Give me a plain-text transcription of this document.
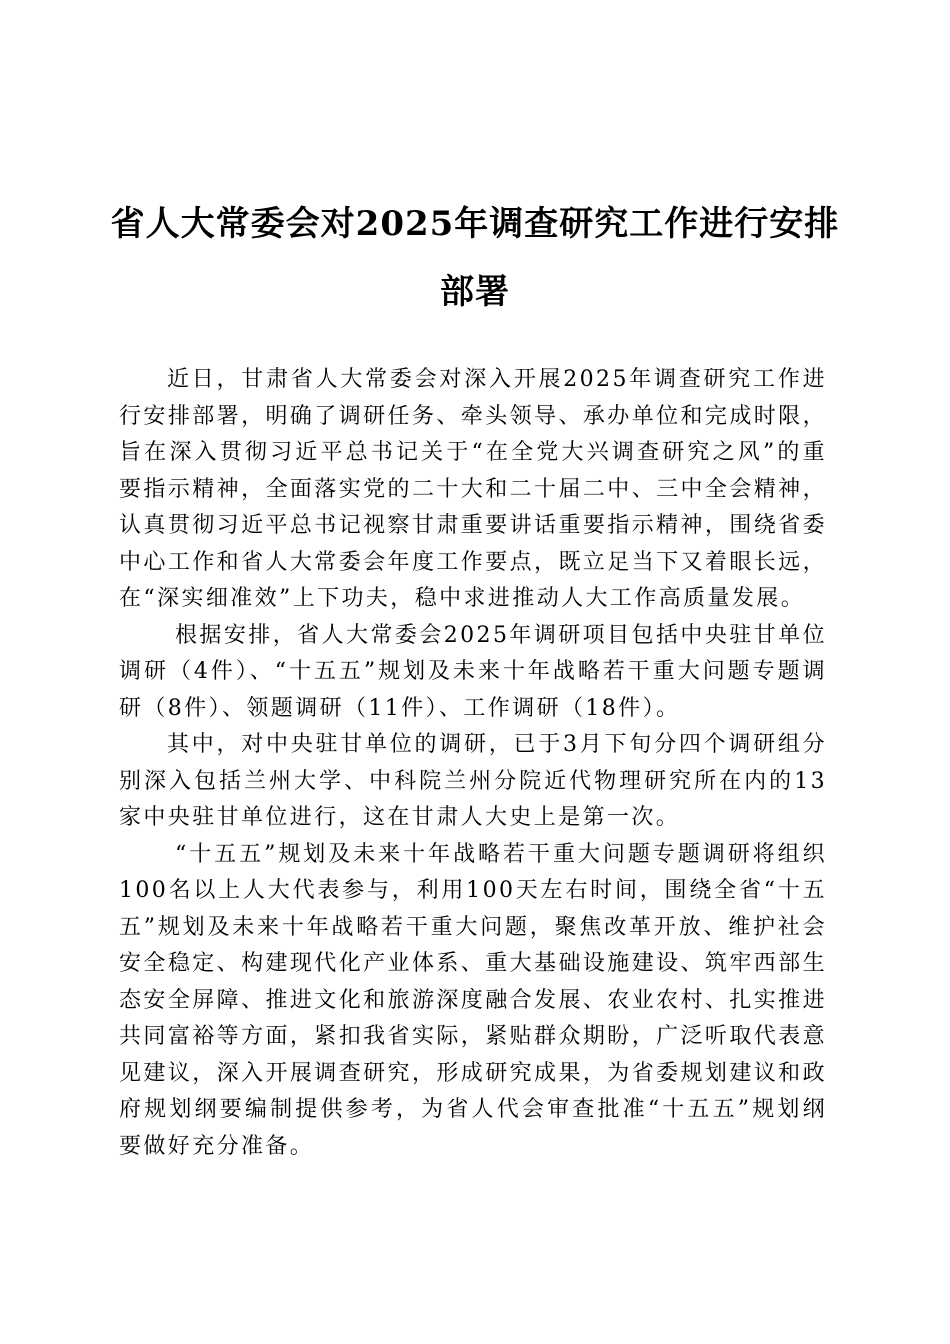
省人大常委会对2025年调查研究工作进行安排部署

近日，甘肃省人大常委会对深入开展2025年调查研究工作进行安排部署，明确了调研任务、牵头领导、承办单位和完成时限，旨在深入贯彻习近平总书记关于“在全党大兴调查研究之风”的重要指示精神，全面落实党的二十大和二十届二中、三中全会精神，认真贯彻习近平总书记视察甘肃重要讲话重要指示精神，围绕省委中心工作和省人大常委会年度工作要点，既立足当下又着眼长远，在“深实细准效”上下功夫，稳中求进推动人大工作高质量发展。

根据安排，省人大常委会2025年调研项目包括中央驻甘单位调研（4件）、“十五五”规划及未来十年战略若干重大问题专题调研（8件）、领题调研（11件）、工作调研（18件）。

其中，对中央驻甘单位的调研，已于3月下旬分四个调研组分别深入包括兰州大学、中科院兰州分院近代物理研究所在内的13家中央驻甘单位进行，这在甘肃人大史上是第一次。

“十五五”规划及未来十年战略若干重大问题专题调研将组织100名以上人大代表参与，利用100天左右时间，围绕全省“十五五”规划及未来十年战略若干重大问题，聚焦改革开放、维护社会安全稳定、构建现代化产业体系、重大基础设施建设、筑牢西部生态安全屏障、推进文化和旅游深度融合发展、农业农村、扎实推进共同富裕等方面，紧扣我省实际，紧贴群众期盼，广泛听取代表意见建议，深入开展调查研究，形成研究成果，为省委规划建议和政府规划纲要编制提供参考，为省人代会审查批准“十五五”规划纲要做好充分准备。
